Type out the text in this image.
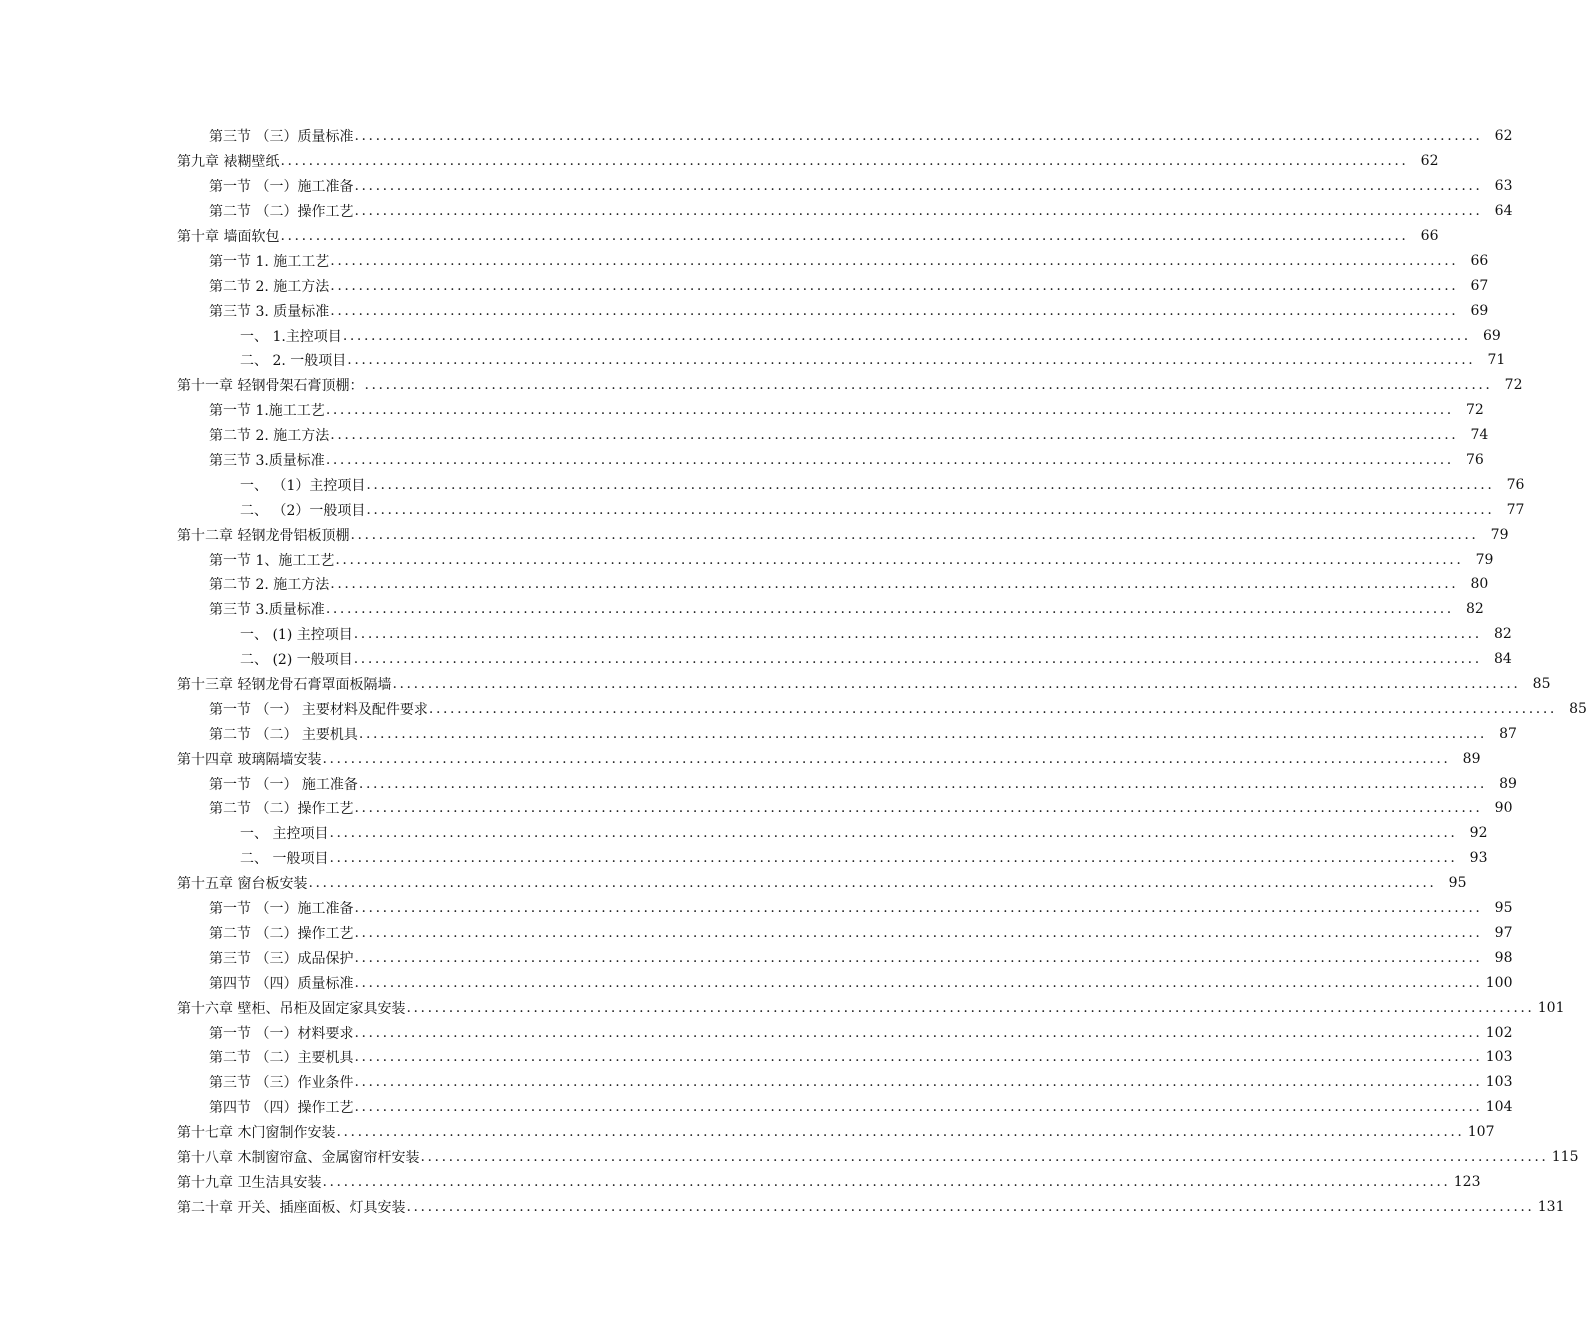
第三节 （三）质量标准 ................................................................................................................................................................ 62
第九章 裱糊壁纸 ................................................................................................................................................................ 62
第一节 （一）施工准备 ................................................................................................................................................................ 63
第二节 （二）操作工艺 ................................................................................................................................................................ 64
第十章 墙面软包 ................................................................................................................................................................ 66
第一节 1. 施工工艺 ................................................................................................................................................................ 66
第二节 2. 施工方法 ................................................................................................................................................................ 67
第三节 3. 质量标准 ................................................................................................................................................................ 69
一、 1.主控项目 ................................................................................................................................................................ 69
二、 2. 一般项目 ................................................................................................................................................................ 71
第十一章 轻钢骨架石膏顶棚： ................................................................................................................................................................ 72
第一节 1.施工工艺 ................................................................................................................................................................ 72
第二节 2. 施工方法 ................................................................................................................................................................ 74
第三节 3.质量标准 ................................................................................................................................................................ 76
一、 （1）主控项目 ................................................................................................................................................................ 76
二、 （2）一般项目 ................................................................................................................................................................ 77
第十二章 轻钢龙骨铝板顶棚 ................................................................................................................................................................ 79
第一节 1、施工工艺 ................................................................................................................................................................ 79
第二节 2. 施工方法 ................................................................................................................................................................ 80
第三节 3.质量标准 ................................................................................................................................................................ 82
一、 (1) 主控项目 ................................................................................................................................................................ 82
二、 (2) 一般项目 ................................................................................................................................................................ 84
第十三章 轻钢龙骨石膏罩面板隔墙 ................................................................................................................................................................ 85
第一节 （一） 主要材料及配件要求 ................................................................................................................................................................ 85
第二节 （二） 主要机具 ................................................................................................................................................................ 87
第十四章 玻璃隔墙安装 ................................................................................................................................................................ 89
第一节 （一） 施工准备 ................................................................................................................................................................ 89
第二节 （二）操作工艺 ................................................................................................................................................................ 90
一、 主控项目 ................................................................................................................................................................ 92
二、 一般项目 ................................................................................................................................................................ 93
第十五章 窗台板安装 ................................................................................................................................................................ 95
第一节 （一）施工准备 ................................................................................................................................................................ 95
第二节 （二）操作工艺 ................................................................................................................................................................ 97
第三节 （三）成品保护 ................................................................................................................................................................ 98
第四节 （四）质量标准 ................................................................................................................................................................ 100
第十六章 壁柜、吊柜及固定家具安装 ................................................................................................................................................................ 101
第一节 （一）材料要求 ................................................................................................................................................................ 102
第二节 （二）主要机具 ................................................................................................................................................................ 103
第三节 （三）作业条件 ................................................................................................................................................................ 103
第四节 （四）操作工艺 ................................................................................................................................................................ 104
第十七章 木门窗制作安装 ................................................................................................................................................................ 107
第十八章 木制窗帘盒、金属窗帘杆安装 ................................................................................................................................................................ 115
第十九章 卫生洁具安装 ................................................................................................................................................................ 123
第二十章 开关、插座面板、灯具安装 ................................................................................................................................................................ 131
